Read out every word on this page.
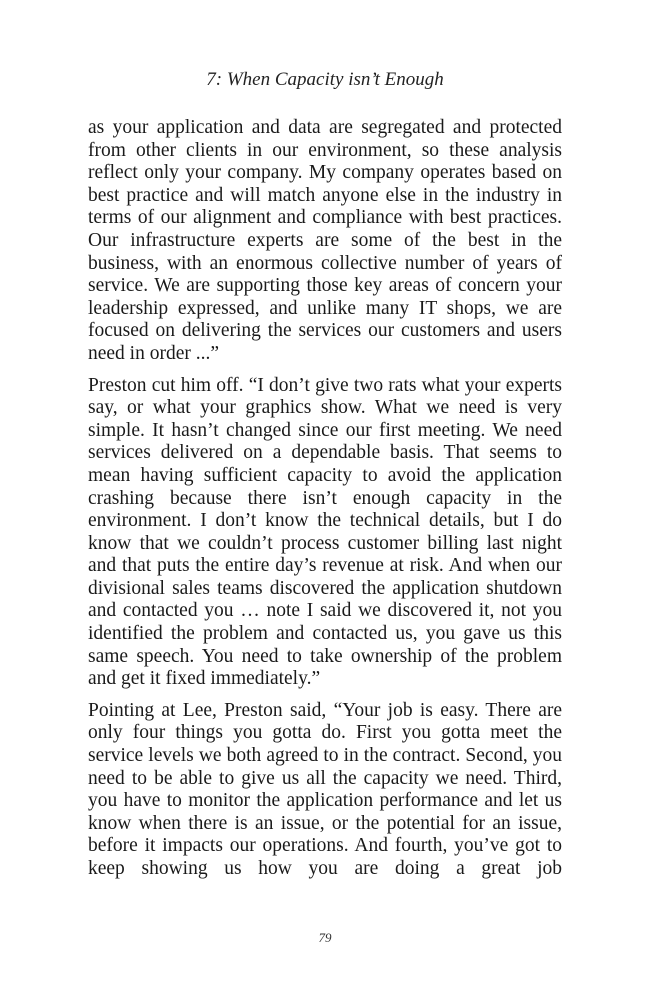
7: When Capacity isn’t Enough

as your application and data are segregated and protected from other clients in our environment, so these analysis reflect only your company. My company operates based on best practice and will match anyone else in the industry in terms of our alignment and compliance with best practices. Our infrastructure experts are some of the best in the business, with an enormous collective number of years of service. We are supporting those key areas of concern your leadership expressed, and unlike many IT shops, we are focused on delivering the services our customers and users need in order ...”

Preston cut him off. “I don’t give two rats what your experts say, or what your graphics show. What we need is very simple. It hasn’t changed since our first meeting. We need services delivered on a dependable basis. That seems to mean having sufficient capacity to avoid the application crashing because there isn’t enough capacity in the environment. I don’t know the technical details, but I do know that we couldn’t process customer billing last night and that puts the entire day’s revenue at risk. And when our divisional sales teams discovered the application shutdown and contacted you … note I said we discovered it, not you identified the problem and contacted us, you gave us this same speech. You need to take ownership of the problem and get it fixed immediately.”

Pointing at Lee, Preston said, “Your job is easy. There are only four things you gotta do. First you gotta meet the service levels we both agreed to in the contract. Second, you need to be able to give us all the capacity we need. Third, you have to monitor the application performance and let us know when there is an issue, or the potential for an issue, before it impacts our operations. And fourth, you’ve got to keep showing us how you are doing a great job

79
